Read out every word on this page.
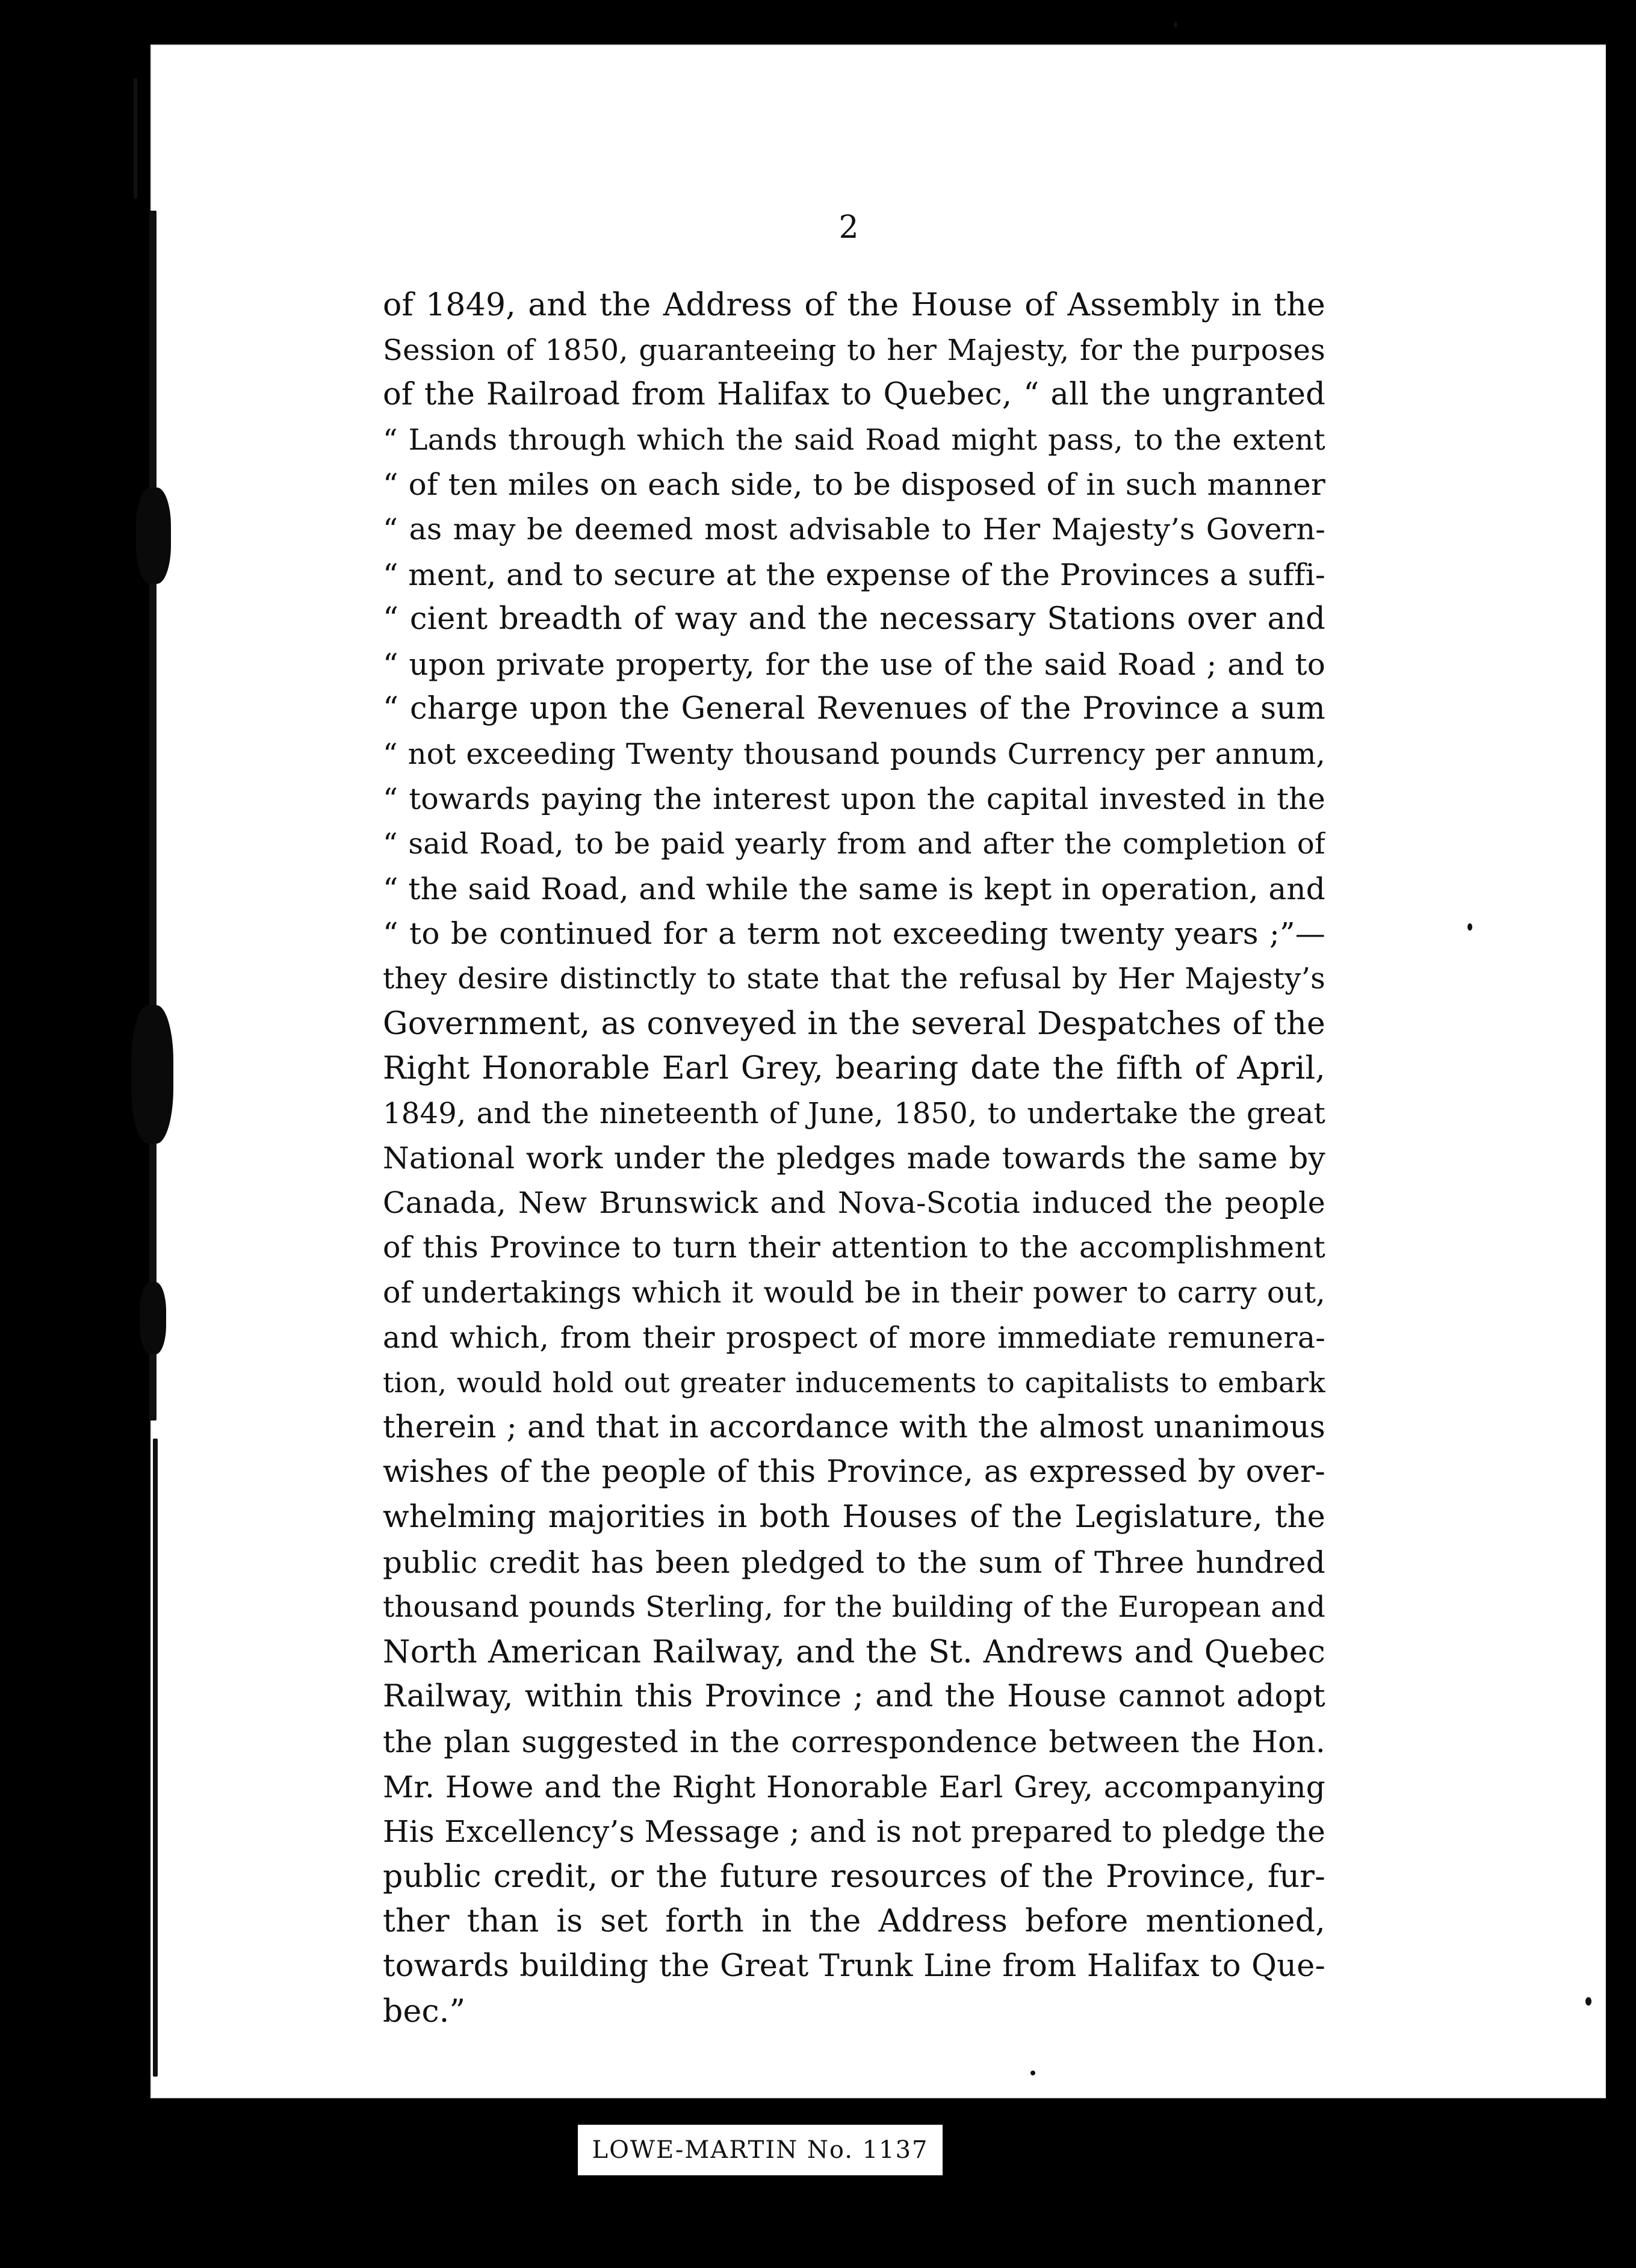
2
of 1849, and the Address of the House of Assembly in the
Session of 1850, guaranteeing to her Majesty, for the purposes
of the Railroad from Halifax to Quebec, “ all the ungranted
“ Lands through which the said Road might pass, to the extent
“ of ten miles on each side, to be disposed of in such manner
“ as may be deemed most advisable to Her Majesty’s Govern-
“ ment, and to secure at the expense of the Provinces a suffi-
“ cient breadth of way and the necessary Stations over and
“ upon private property, for the use of the said Road ; and to
“ charge upon the General Revenues of the Province a sum
“ not exceeding Twenty thousand pounds Currency per annum,
“ towards paying the interest upon the capital invested in the
“ said Road, to be paid yearly from and after the completion of
“ the said Road, and while the same is kept in operation, and
“ to be continued for a term not exceeding twenty years ;”—
they desire distinctly to state that the refusal by Her Majesty’s
Government, as conveyed in the several Despatches of the
Right Honorable Earl Grey, bearing date the fifth of April,
1849, and the nineteenth of June, 1850, to undertake the great
National work under the pledges made towards the same by
Canada, New Brunswick and Nova-Scotia induced the people
of this Province to turn their attention to the accomplishment
of undertakings which it would be in their power to carry out,
and which, from their prospect of more immediate remunera-
tion, would hold out greater inducements to capitalists to embark
therein ; and that in accordance with the almost unanimous
wishes of the people of this Province, as expressed by over-
whelming majorities in both Houses of the Legislature, the
public credit has been pledged to the sum of Three hundred
thousand pounds Sterling, for the building of the European and
North American Railway, and the St. Andrews and Quebec
Railway, within this Province ; and the House cannot adopt
the plan suggested in the correspondence between the Hon.
Mr. Howe and the Right Honorable Earl Grey, accompanying
His Excellency’s Message ; and is not prepared to pledge the
public credit, or the future resources of the Province, fur-
ther than is set forth in the Address before mentioned,
towards building the Great Trunk Line from Halifax to Que-
bec.”
LOWE-MARTIN No. 1137
